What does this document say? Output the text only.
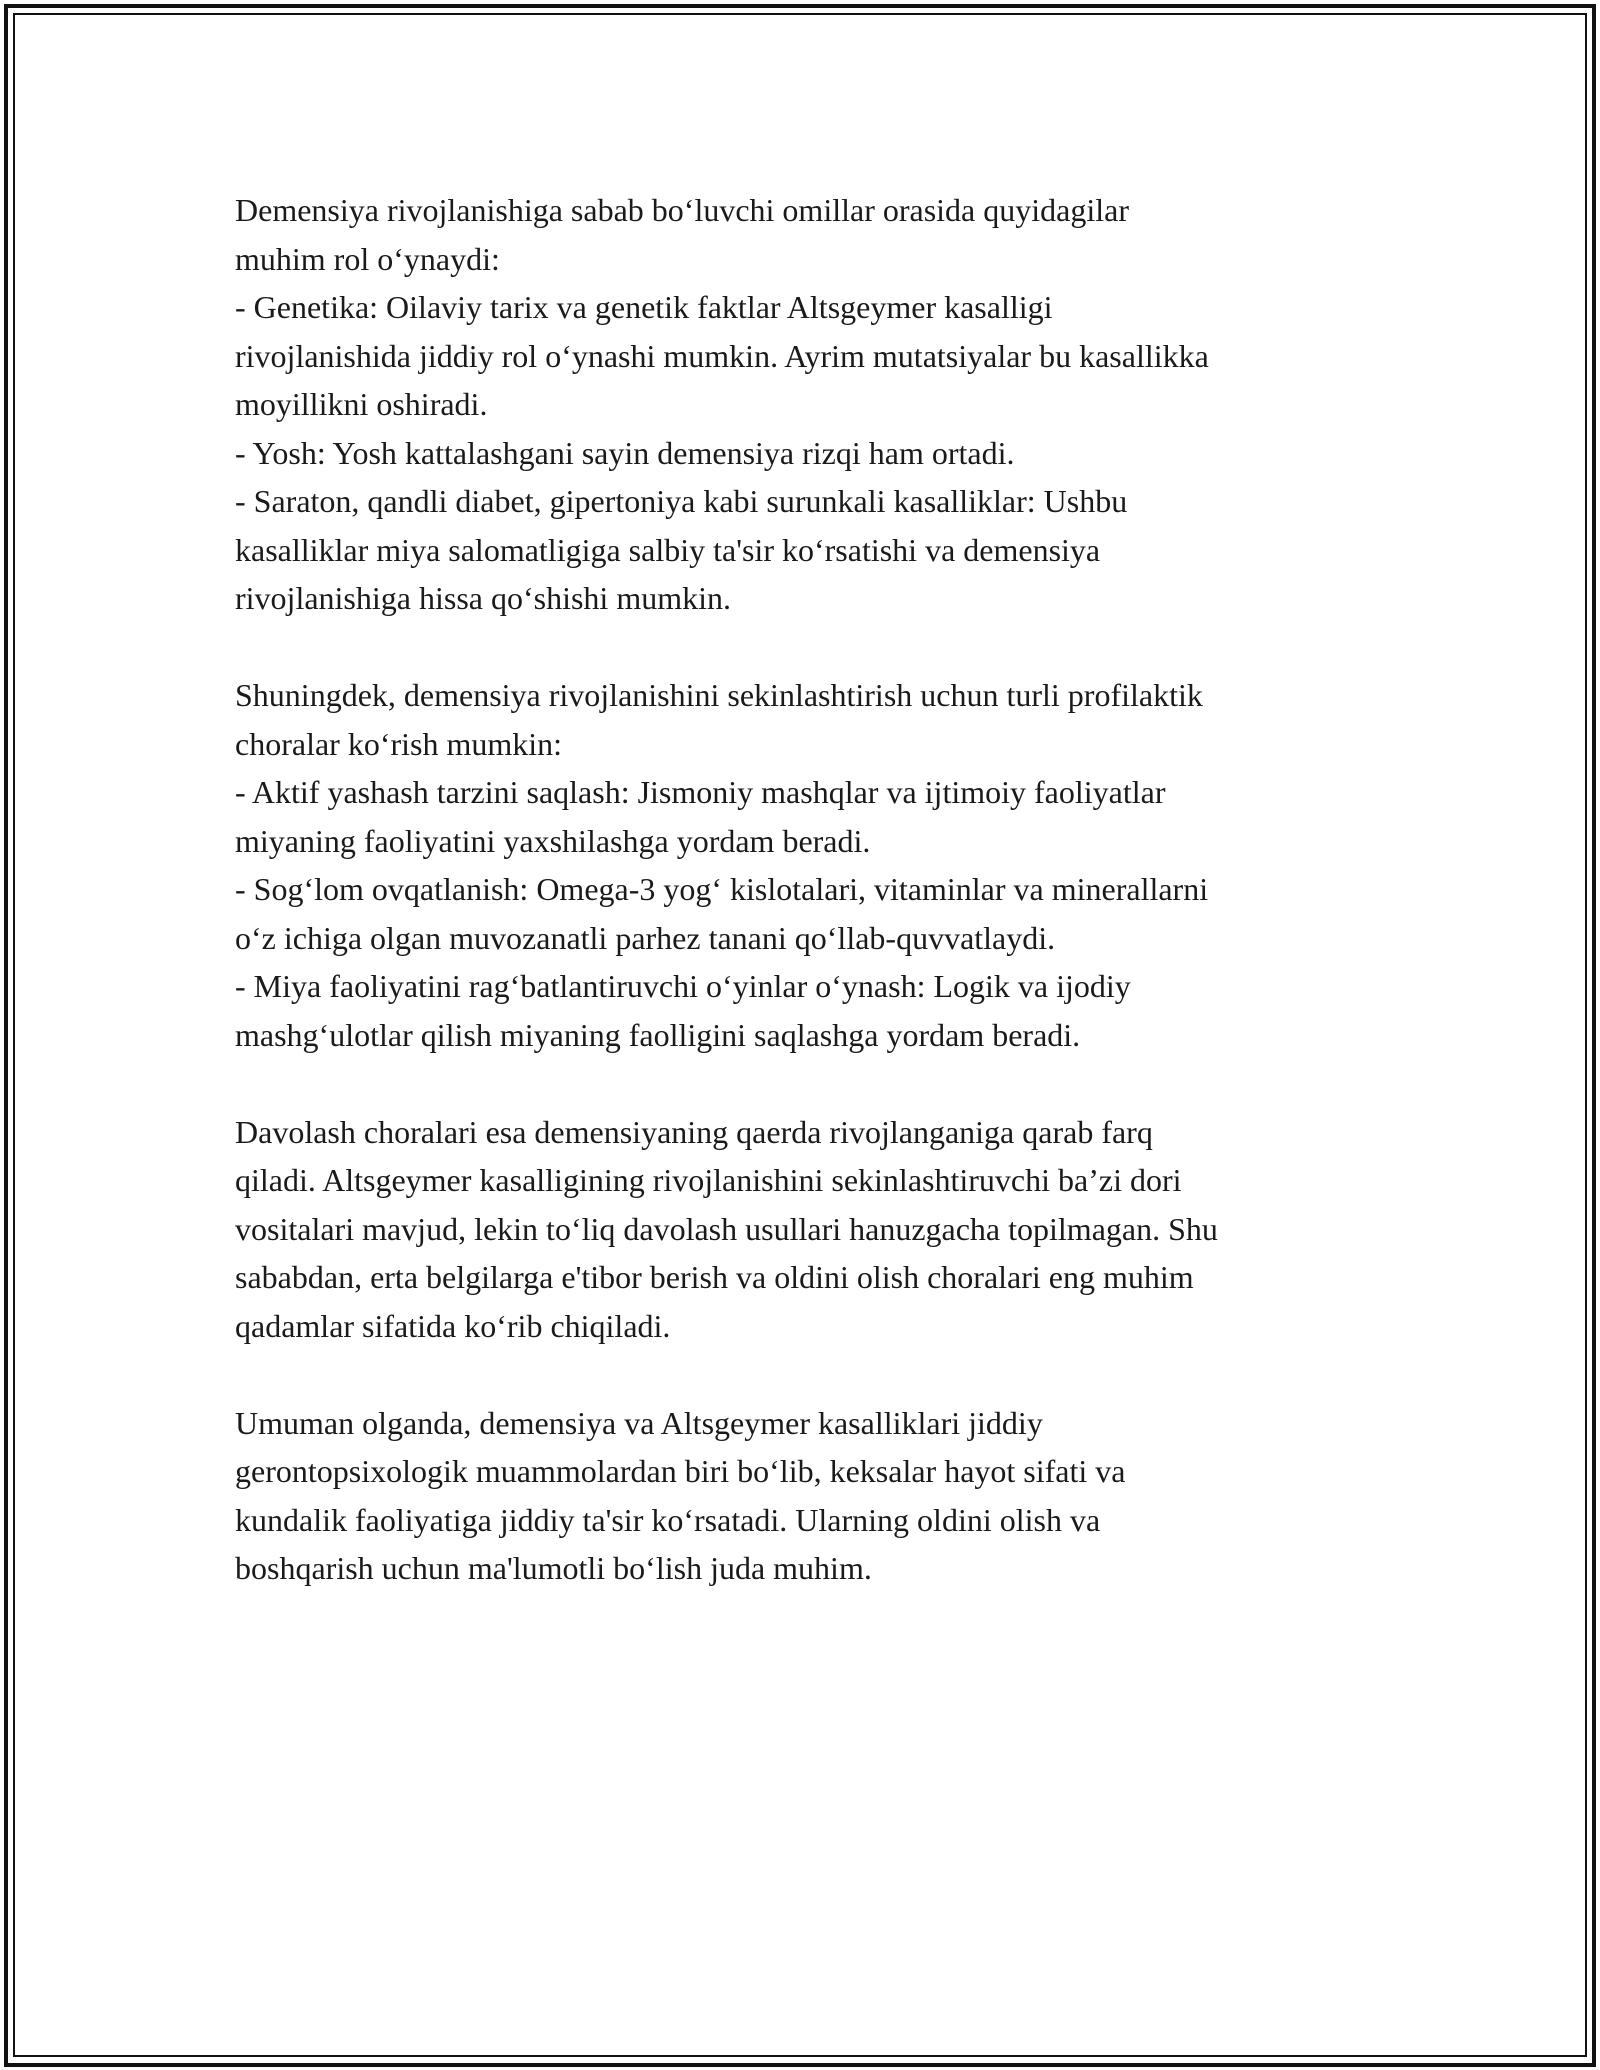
Demensiya rivojlanishiga sabab bo‘luvchi omillar orasida quyidagilar
muhim rol o‘ynaydi:
- Genetika: Oilaviy tarix va genetik faktlar Altsgeymer kasalligi
rivojlanishida jiddiy rol o‘ynashi mumkin. Ayrim mutatsiyalar bu kasallikka
moyillikni oshiradi.
- Yosh: Yosh kattalashgani sayin demensiya rizqi ham ortadi.
- Saraton, qandli diabet, gipertoniya kabi surunkali kasalliklar: Ushbu
kasalliklar miya salomatligiga salbiy ta'sir ko‘rsatishi va demensiya
rivojlanishiga hissa qo‘shishi mumkin.

Shuningdek, demensiya rivojlanishini sekinlashtirish uchun turli profilaktik
choralar ko‘rish mumkin:
- Aktif yashash tarzini saqlash: Jismoniy mashqlar va ijtimoiy faoliyatlar
miyaning faoliyatini yaxshilashga yordam beradi.
- Sog‘lom ovqatlanish: Omega-3 yog‘ kislotalari, vitaminlar va minerallarni
o‘z ichiga olgan muvozanatli parhez tanani qo‘llab-quvvatlaydi.
- Miya faoliyatini rag‘batlantiruvchi o‘yinlar o‘ynash: Logik va ijodiy
mashg‘ulotlar qilish miyaning faolligini saqlashga yordam beradi.

Davolash choralari esa demensiyaning qaerda rivojlanganiga qarab farq
qiladi. Altsgeymer kasalligining rivojlanishini sekinlashtiruvchi ba’zi dori
vositalari mavjud, lekin to‘liq davolash usullari hanuzgacha topilmagan. Shu
sababdan, erta belgilarga e'tibor berish va oldini olish choralari eng muhim
qadamlar sifatida ko‘rib chiqiladi.

Umuman olganda, demensiya va Altsgeymer kasalliklari jiddiy
gerontopsixologik muammolardan biri bo‘lib, keksalar hayot sifati va
kundalik faoliyatiga jiddiy ta'sir ko‘rsatadi. Ularning oldini olish va
boshqarish uchun ma'lumotli bo‘lish juda muhim.
